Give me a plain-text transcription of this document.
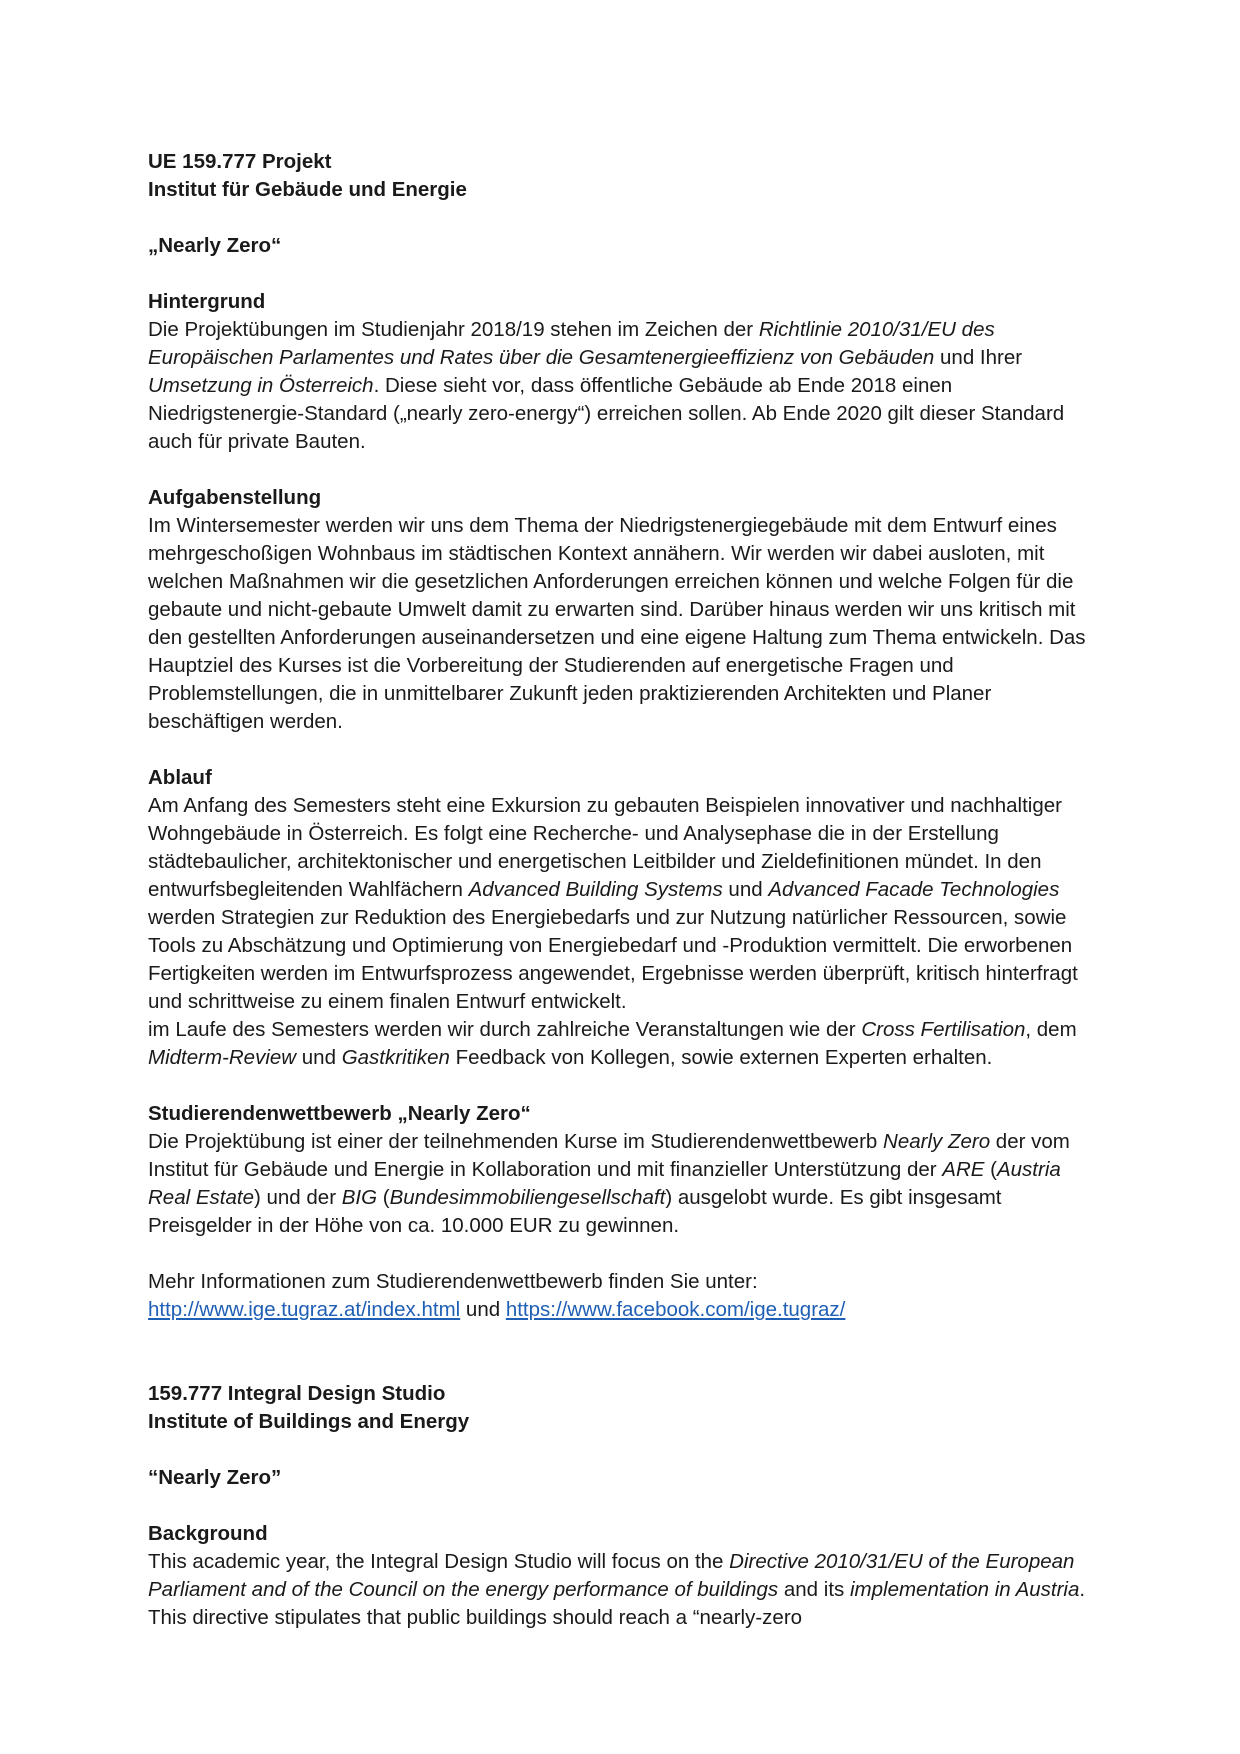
UE 159.777 Projekt

Institut für Gebäude und Energie

„Nearly Zero“

Hintergrund

Die Projektübungen im Studienjahr 2018/19 stehen im Zeichen der Richtlinie 2010/31/EU des Europäischen Parlamentes und Rates über die Gesamtenergieeffizienz von Gebäuden und Ihrer Umsetzung in Österreich. Diese sieht vor, dass öffentliche Gebäude ab Ende 2018 einen Niedrigstenergie-Standard („nearly zero-energy“) erreichen sollen. Ab Ende 2020 gilt dieser Standard auch für private Bauten.

Aufgabenstellung

Im Wintersemester werden wir uns dem Thema der Niedrigstenergiegebäude mit dem Entwurf eines mehrgeschoßigen Wohnbaus im städtischen Kontext annähern. Wir werden wir dabei ausloten, mit welchen Maßnahmen wir die gesetzlichen Anforderungen erreichen können und welche Folgen für die gebaute und nicht-gebaute Umwelt damit zu erwarten sind. Darüber hinaus werden wir uns kritisch mit den gestellten Anforderungen auseinandersetzen und eine eigene Haltung zum Thema entwickeln. Das Hauptziel des Kurses ist die Vorbereitung der Studierenden auf energetische Fragen und Problemstellungen, die in unmittelbarer Zukunft jeden praktizierenden Architekten und Planer beschäftigen werden.

Ablauf

Am Anfang des Semesters steht eine Exkursion zu gebauten Beispielen innovativer und nachhaltiger Wohngebäude in Österreich. Es folgt eine Recherche- und Analysephase die in der Erstellung städtebaulicher, architektonischer und energetischen Leitbilder und Zieldefinitionen mündet. In den entwurfsbegleitenden Wahlfächern Advanced Building Systems und Advanced Facade Technologies werden Strategien zur Reduktion des Energiebedarfs und zur Nutzung natürlicher Ressourcen, sowie Tools zu Abschätzung und Optimierung von Energiebedarf und -Produktion vermittelt. Die erworbenen Fertigkeiten werden im Entwurfsprozess angewendet, Ergebnisse werden überprüft, kritisch hinterfragt und schrittweise zu einem finalen Entwurf entwickelt.

im Laufe des Semesters werden wir durch zahlreiche Veranstaltungen wie der Cross Fertilisation, dem Midterm-Review und Gastkritiken Feedback von Kollegen, sowie externen Experten erhalten.

Studierendenwettbewerb „Nearly Zero“

Die Projektübung ist einer der teilnehmenden Kurse im Studierendenwettbewerb Nearly Zero der vom Institut für Gebäude und Energie in Kollaboration und mit finanzieller Unterstützung der ARE (Austria Real Estate) und der BIG (Bundesimmobiliengesellschaft) ausgelobt wurde. Es gibt insgesamt Preisgelder in der Höhe von ca. 10.000 EUR zu gewinnen.

Mehr Informationen zum Studierendenwettbewerb finden Sie unter:

http://www.ige.tugraz.at/index.html und https://www.facebook.com/ige.tugraz/

159.777 Integral Design Studio

Institute of Buildings and Energy

“Nearly Zero”

Background

This academic year, the Integral Design Studio will focus on the Directive 2010/31/EU of the European Parliament and of the Council on the energy performance of buildings and its implementation in Austria. This directive stipulates that public buildings should reach a “nearly-zero
